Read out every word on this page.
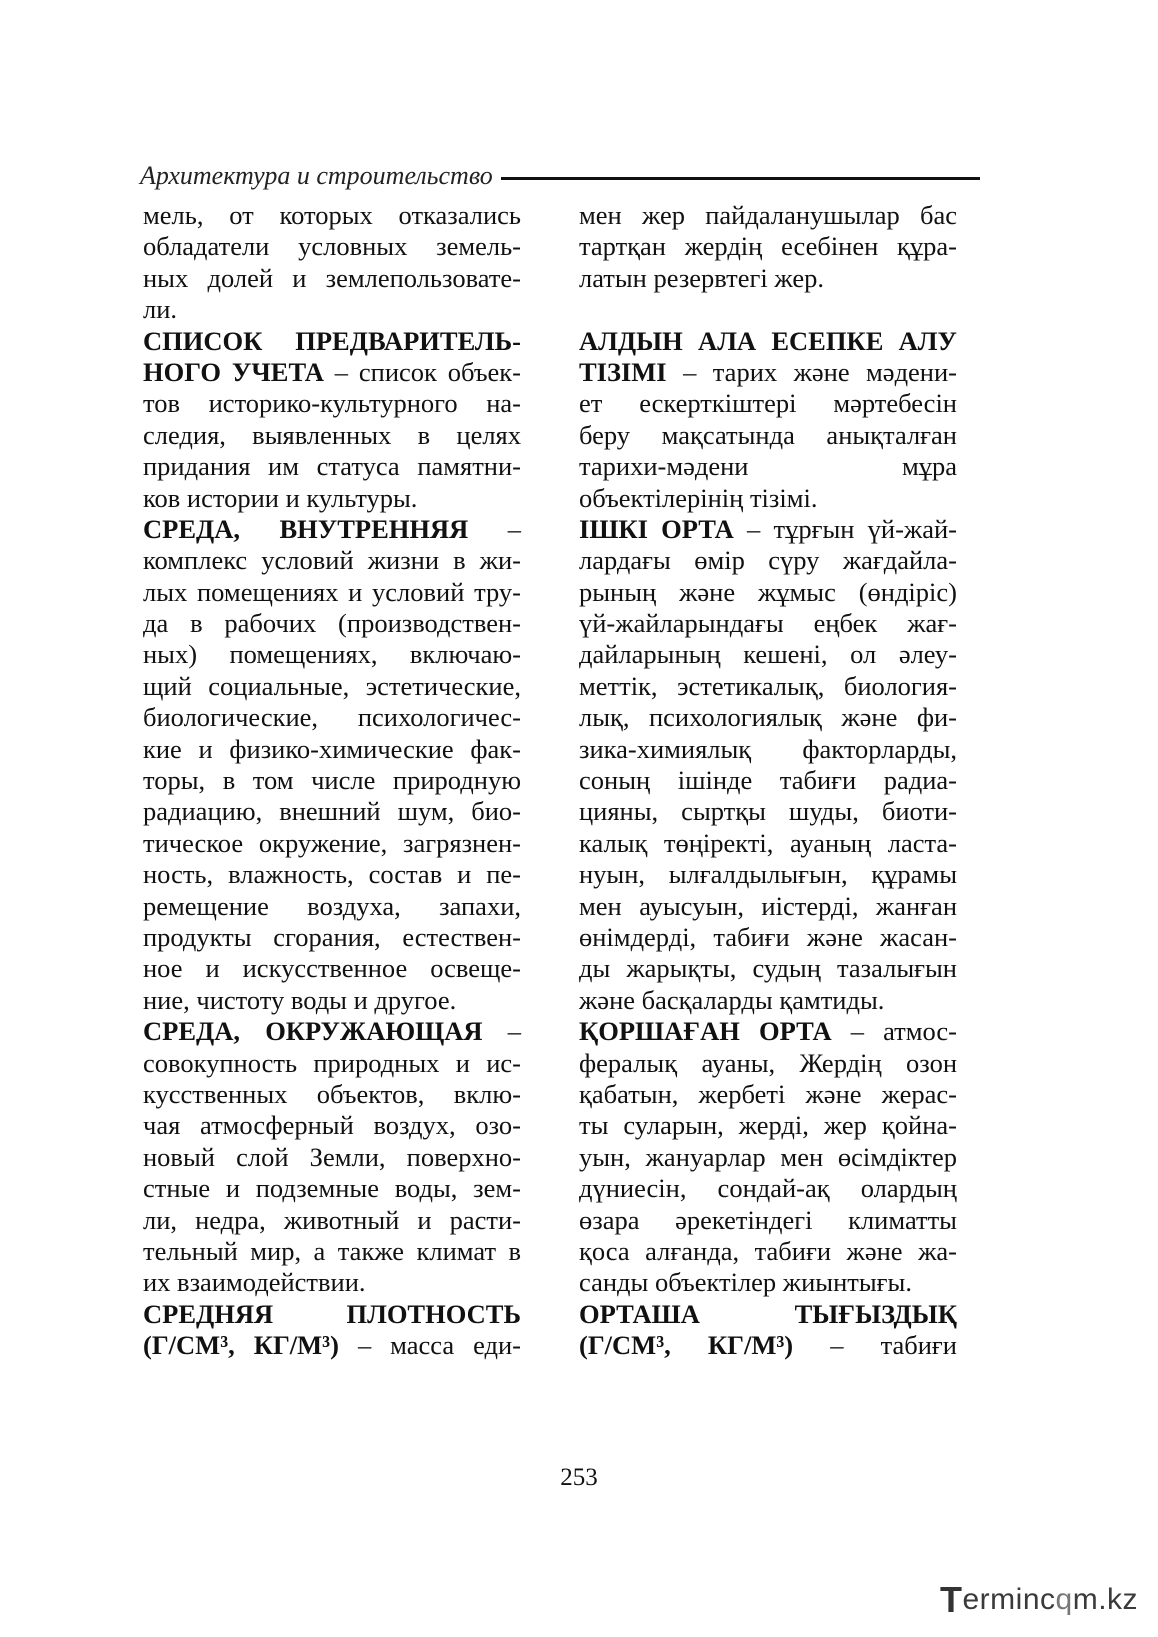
Архитектура и строительство
мель, от которых отказались
обладатели условных земель-
ных долей и землепользовате-
ли.
СПИСОК ПРЕДВАРИТЕЛЬ-
НОГО УЧЕТА – список объек-
тов историко-культурного на-
следия, выявленных в целях
придания им статуса памятни-
ков истории и культуры.
СРЕДА, ВНУТРЕННЯЯ –
комплекс условий жизни в жи-
лых помещениях и условий тру-
да в рабочих (производствен-
ных) помещениях, включаю-
щий социальные, эстетические,
биологические, психологичес-
кие и физико-химические фак-
торы, в том числе природную
радиацию, внешний шум, био-
тическое окружение, загрязнен-
ность, влажность, состав и пе-
ремещение воздуха, запахи,
продукты сгорания, естествен-
ное и искусственное освеще-
ние, чистоту воды и другое.
СРЕДА, ОКРУЖАЮЩАЯ –
совокупность природных и ис-
кусственных объектов, вклю-
чая атмосферный воздух, озо-
новый слой Земли, поверхно-
стные и подземные воды, зем-
ли, недра, животный и расти-
тельный мир, а также климат в
их взаимодействии.
СРЕДНЯЯ ПЛОТНОСТЬ
(Г/СМ³, КГ/М³) – масса еди-
мен жер пайдаланушылар бас
тартқан жердің есебінен құра-
латын резервтегі жер.
АЛДЫН АЛА ЕСЕПКЕ АЛУ
ТІЗІМІ – тарих және мәдени-
ет ескерткіштері мәртебесін
беру мақсатында анықталған
тарихи-мәдени мұра
объектілерінің тізімі.
ІШКІ ОРТА – тұрғын үй-жай-
лардағы өмір сүру жағдайла-
рының және жұмыс (өндіріс)
үй-жайларындағы еңбек жағ-
дайларының кешені, ол әлеу-
меттік, эстетикалық, биология-
лық, психологиялық және фи-
зика-химиялық факторларды,
соның ішінде табиғи радиа-
цияны, сыртқы шуды, биоти-
калық төңіректі, ауаның ласта-
нуын, ылғалдылығын, құрамы
мен ауысуын, иістерді, жанған
өнімдерді, табиғи және жасан-
ды жарықты, судың тазалығын
және басқаларды қамтиды.
ҚОРШАҒАН ОРТА – атмос-
фералық ауаны, Жердің озон
қабатын, жербеті және жерас-
ты суларын, жерді, жер қойна-
уын, жануарлар мен өсімдіктер
дүниесін, сондай-ақ олардың
өзара әрекетіндегі климатты
қоса алғанда, табиғи және жа-
санды объектілер жиынтығы.
ОРТАША ТЫҒЫЗДЫҚ
(Г/СМ³, КГ/М³) – табиғи
253
T erminc q m.kz
